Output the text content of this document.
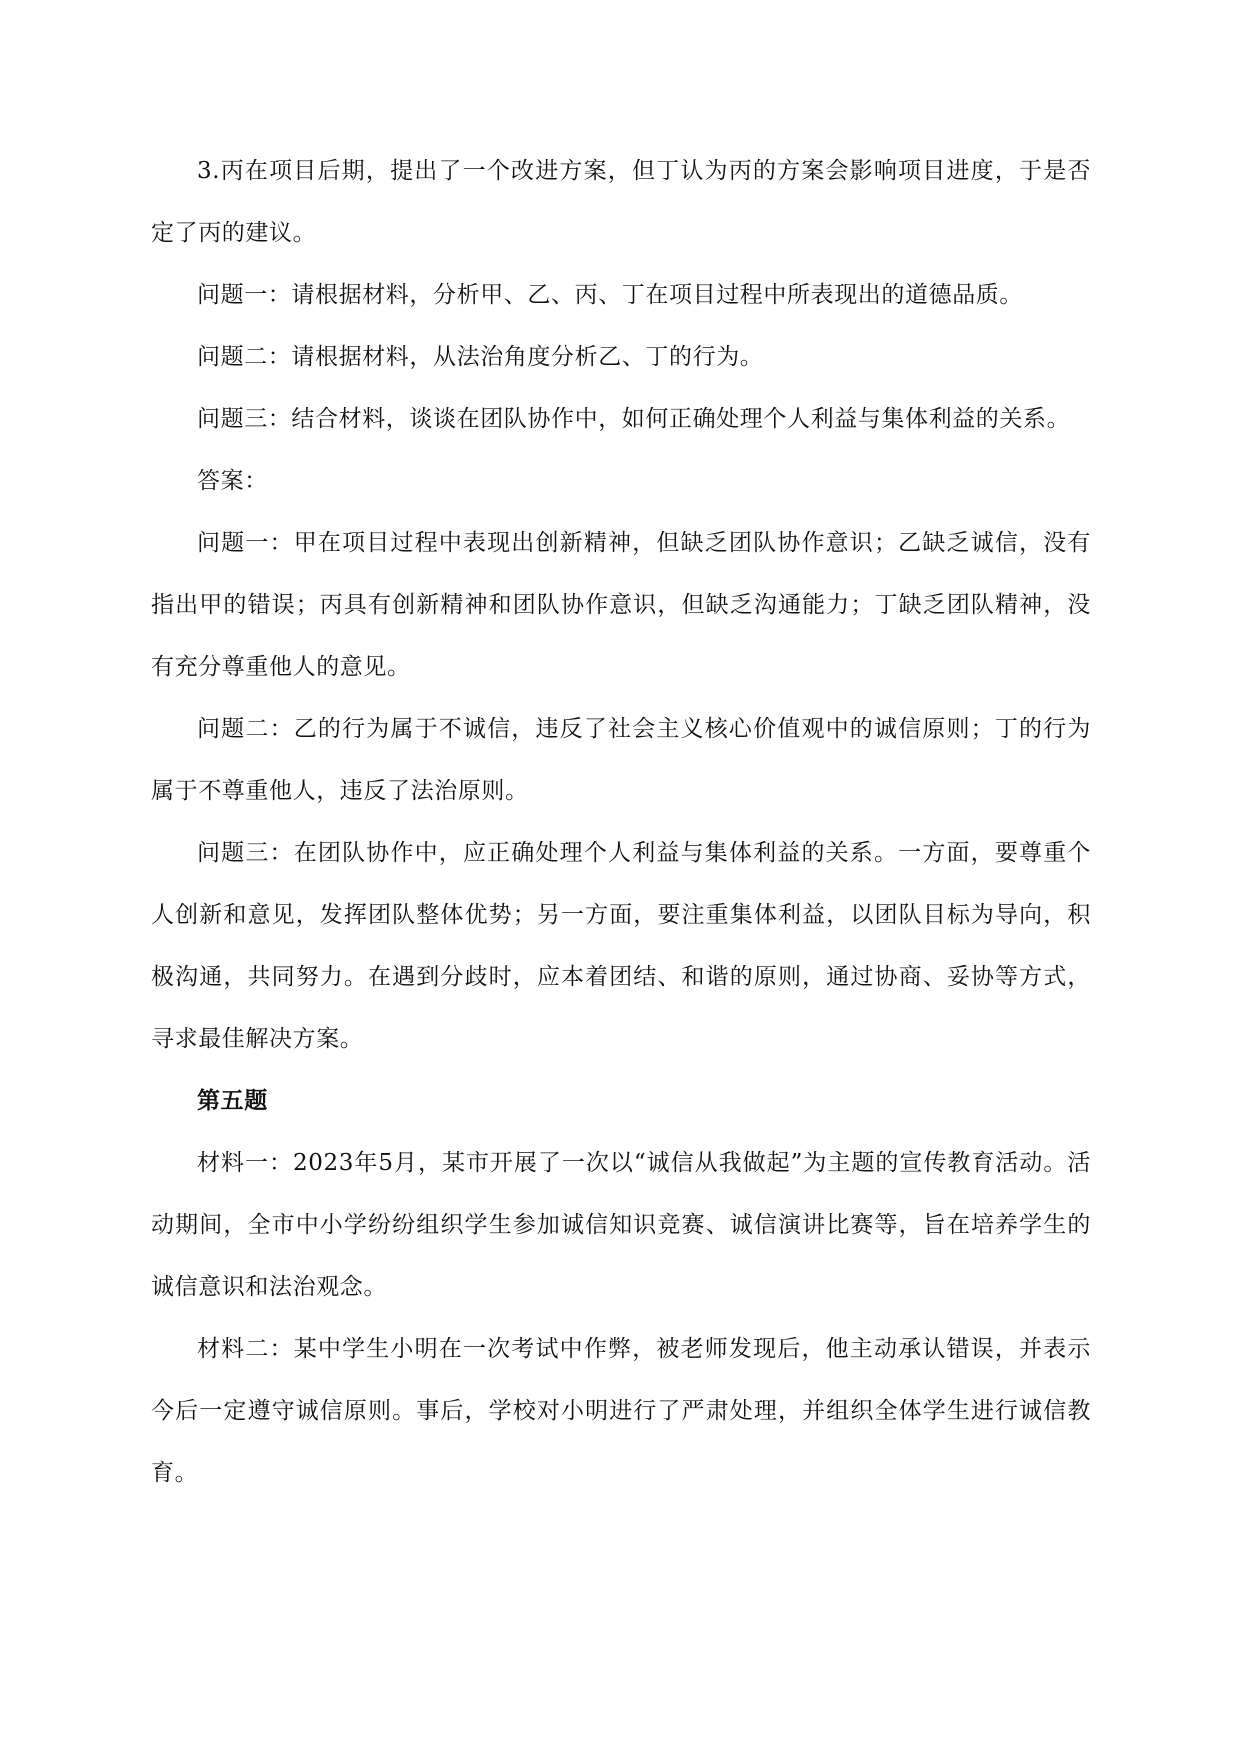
3.丙在项目后期，提出了一个改进方案，但丁认为丙的方案会影响项目进度，于是否定了丙的建议。

问题一：请根据材料，分析甲、乙、丙、丁在项目过程中所表现出的道德品质。

问题二：请根据材料，从法治角度分析乙、丁的行为。

问题三：结合材料，谈谈在团队协作中，如何正确处理个人利益与集体利益的关系。

答案：

问题一：甲在项目过程中表现出创新精神，但缺乏团队协作意识；乙缺乏诚信，没有指出甲的错误；丙具有创新精神和团队协作意识，但缺乏沟通能力；丁缺乏团队精神，没有充分尊重他人的意见。

问题二：乙的行为属于不诚信，违反了社会主义核心价值观中的诚信原则；丁的行为属于不尊重他人，违反了法治原则。

问题三：在团队协作中，应正确处理个人利益与集体利益的关系。一方面，要尊重个人创新和意见，发挥团队整体优势；另一方面，要注重集体利益，以团队目标为导向，积极沟通，共同努力。在遇到分歧时，应本着团结、和谐的原则，通过协商、妥协等方式，寻求最佳解决方案。

第五题

材料一：2023年5月，某市开展了一次以“诚信从我做起”为主题的宣传教育活动。活动期间，全市中小学纷纷组织学生参加诚信知识竞赛、诚信演讲比赛等，旨在培养学生的诚信意识和法治观念。

材料二：某中学生小明在一次考试中作弊，被老师发现后，他主动承认错误，并表示今后一定遵守诚信原则。事后，学校对小明进行了严肃处理，并组织全体学生进行诚信教育。
